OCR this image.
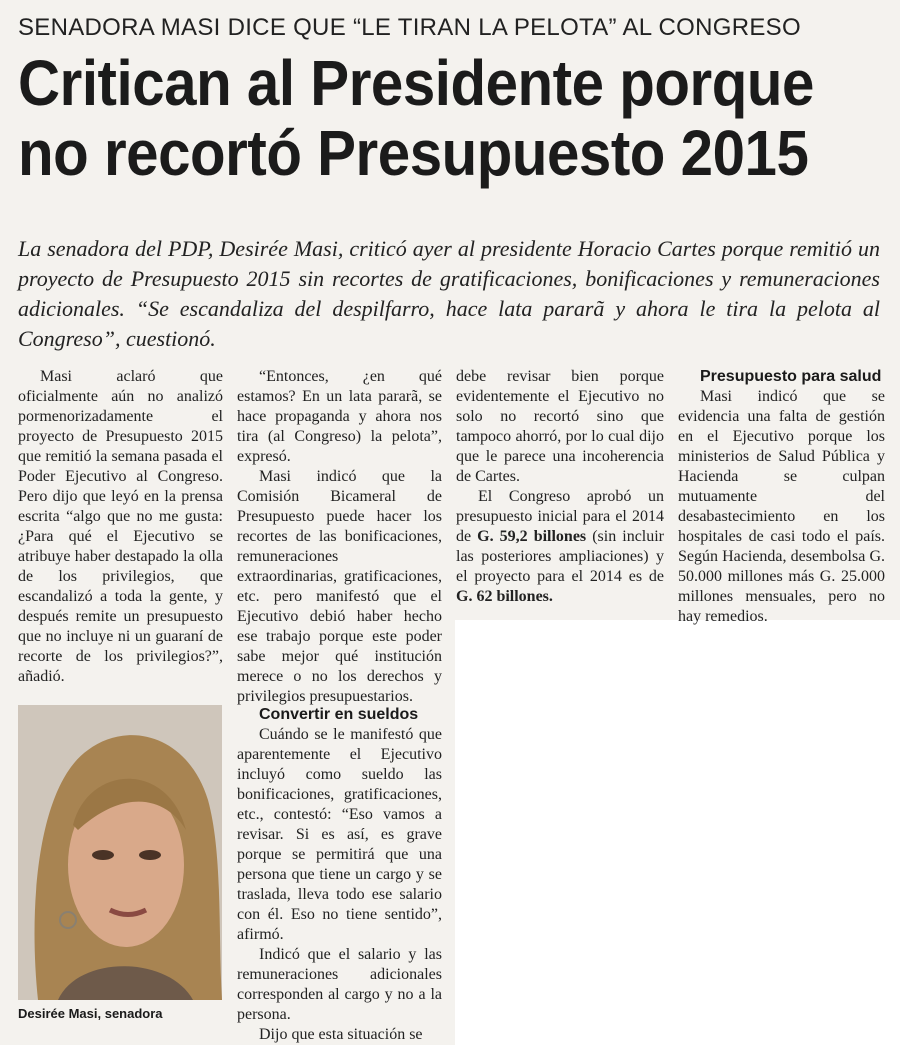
SENADORA MASI DICE QUE “LE TIRAN LA PELOTA” AL CONGRESO
Critican al Presidente porque
no recortó Presupuesto 2015
La senadora del PDP, Desirée Masi, criticó ayer al presidente Horacio Cartes porque remitió un proyecto de Presupuesto 2015 sin recortes de gratificaciones, bonificaciones y remuneraciones adicionales. “Se escandaliza del despilfarro, hace lata pararã y ahora le tira la pelota al Congreso”, cuestionó.

Masi aclaró que oficialmente aún no analizó pormenorizadamente el proyecto de Presupuesto 2015 que remitió la semana pasada el Poder Ejecutivo al Congreso. Pero dijo que leyó en la prensa escrita “algo que no me gusta: ¿Para qué el Ejecutivo se atribuye haber destapado la olla de los privilegios, que escandalizó a toda la gente, y después remite un presupuesto que no incluye ni un guaraní de recorte de los privilegios?”, añadió.

“Entonces, ¿en qué estamos? En un lata pararã, se hace propaganda y ahora nos tira (al Congreso) la pelota”, expresó.

Masi indicó que la Comisión Bicameral de Presupuesto puede hacer los recortes de las bonificaciones, remuneraciones extraordinarias, gratificaciones, etc. pero manifestó que el Ejecutivo debió haber hecho ese trabajo porque este poder sabe mejor qué institución merece o no los derechos y privilegios presupuestarios.

Convertir en sueldos

Cuándo se le manifestó que aparentemente el Ejecutivo incluyó como sueldo las bonificaciones, gratificaciones, etc., contestó: “Eso vamos a revisar. Si es así, es grave porque se permitirá que una persona que tiene un cargo y se traslada, lleva todo ese salario con él. Eso no tiene sentido”, afirmó.

Indicó que el salario y las remuneraciones adicionales corresponden al cargo y no a la persona.

Dijo que esta situación se

debe revisar bien porque evidentemente el Ejecutivo no solo no recortó sino que tampoco ahorró, por lo cual dijo que le parece una incoherencia de Cartes.

El Congreso aprobó un presupuesto inicial para el 2014 de G. 59,2 billones (sin incluir las posteriores ampliaciones) y el proyecto para el 2014 es de G. 62 billones.

Presupuesto para salud

Masi indicó que se evidencia una falta de gestión en el Ejecutivo porque los ministerios de Salud Pública y Hacienda se culpan mutuamente del desabastecimiento en los hospitales de casi todo el país. Según Hacienda, desembolsa G. 50.000 millones más G. 25.000 millones mensuales, pero no hay remedios.

Desirée Masi, senadora
